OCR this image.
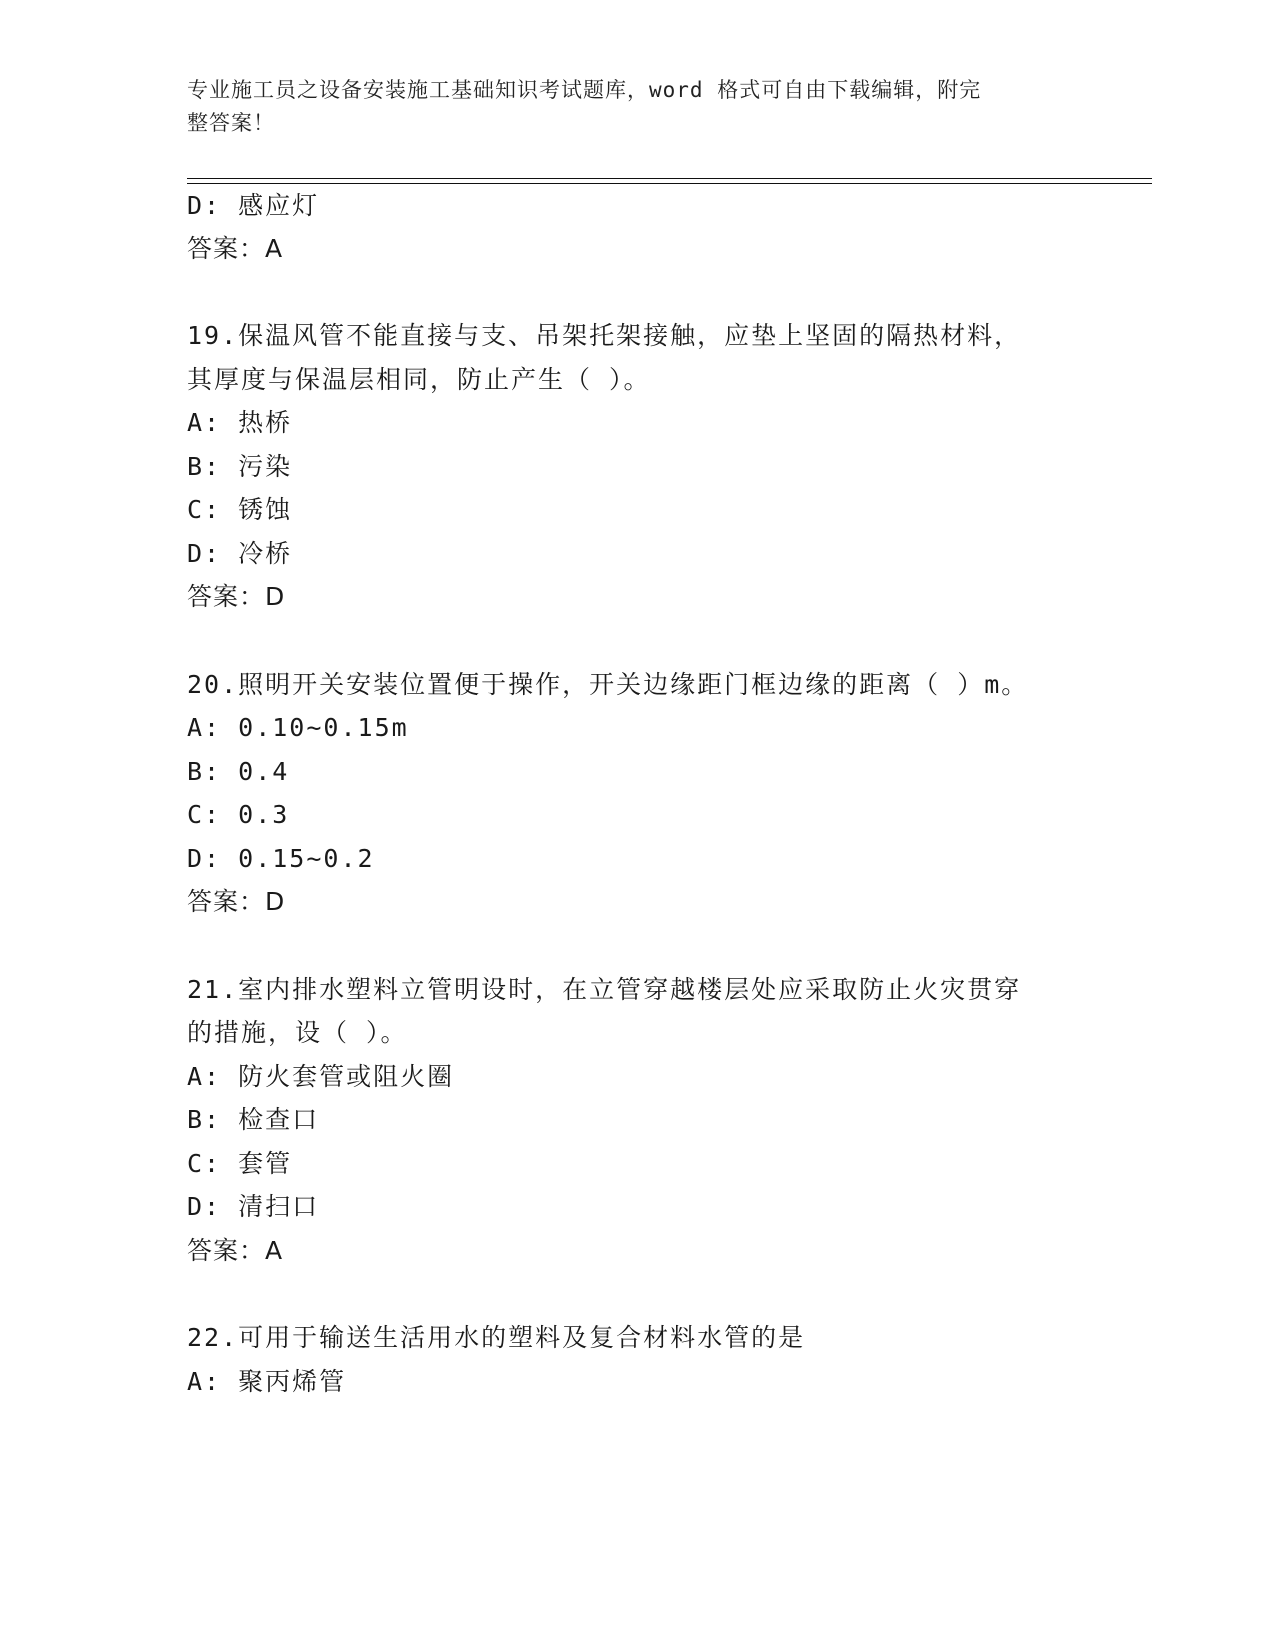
专业施工员之设备安装施工基础知识考试题库，word 格式可自由下载编辑，附完
整答案！
D: 感应灯
答案：A
19.保温风管不能直接与支、吊架托架接触，应垫上坚固的隔热材料，
其厚度与保温层相同，防止产生（ ）。
A: 热桥
B: 污染
C: 锈蚀
D: 冷桥
答案：D
20.照明开关安装位置便于操作，开关边缘距门框边缘的距离（ ）m。
A: 0.10~0.15m
B: 0.4
C: 0.3
D: 0.15~0.2
答案：D
21.室内排水塑料立管明设时，在立管穿越楼层处应采取防止火灾贯穿
的措施，设（ ）。
A: 防火套管或阻火圈
B: 检查口
C: 套管
D: 清扫口
答案：A
22.可用于输送生活用水的塑料及复合材料水管的是
A: 聚丙烯管
